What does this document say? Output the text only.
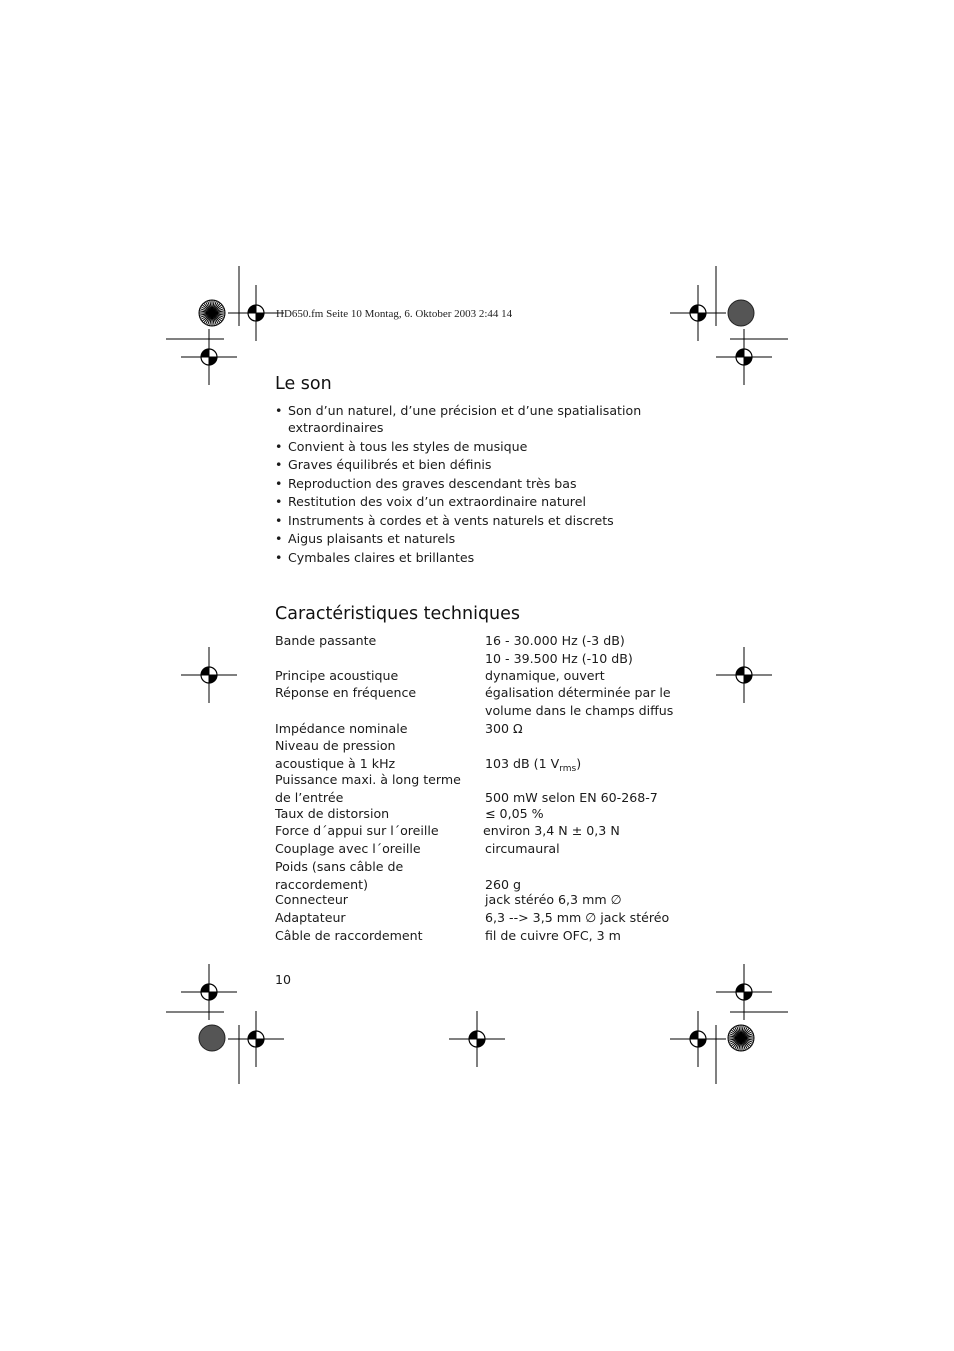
HD650.fm Seite 10 Montag, 6. Oktober 2003 2:44 14
Le son
• Son d’un naturel, d’une précision et d’une spatialisation
extraordinaires
• Convient à tous les styles de musique
• Graves équilibrés et bien définis
• Reproduction des graves descendant très bas
• Restitution des voix d’un extraordinaire naturel
• Instruments à cordes et à vents naturels et discrets
• Aigus plaisants et naturels
• Cymbales claires et brillantes
Caractéristiques techniques
Bande passante	16 - 30.000 Hz (-3 dB)
10 - 39.500 Hz (-10 dB)
Principe acoustique	dynamique, ouvert
Réponse en fréquence	égalisation déterminée par le
volume dans le champs diffus
Impédance nominale	300 Ω
Niveau de pression
acoustique à 1 kHz	103 dB (1 $V_{rms}$)
Puissance maxi. à long terme
de l’entrée	500 mW selon EN 60-268-7
Taux de distorsion	≤ 0,05 %
Force d´appui sur l´oreille	environ 3,4 N ± 0,3 N
Couplage avec l´oreille	circumaural
Poids (sans câble de
raccordement)	260 g
Connecteur	jack stéréo 6,3 mm ∅
Adaptateur	6,3 --> 3,5 mm ∅ jack stéréo
Câble de raccordement	fil de cuivre OFC, 3 m
10
